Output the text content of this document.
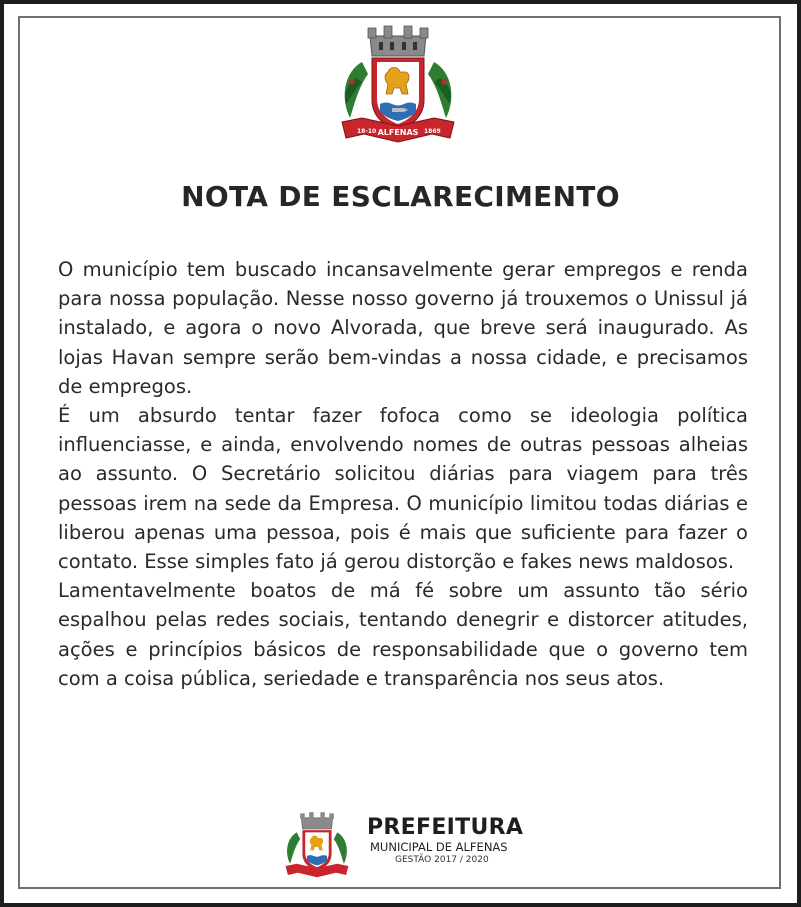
18-10 ALFENAS 1869
NOTA DE ESCLARECIMENTO

O município tem buscado incansavelmente gerar empregos e renda para nossa população. Nesse nosso governo já trouxemos o Unissul já instalado, e agora o novo Alvorada, que breve será inaugurado. As lojas Havan sempre serão bem-vindas a nossa cidade, e precisamos de empregos.

É um absurdo tentar fazer fofoca como se ideologia política influenciasse, e ainda, envolvendo nomes de outras pessoas alheias ao assunto. O Secretário solicitou diárias para viagem para três pessoas irem na sede da Empresa. O município limitou todas diárias e liberou apenas uma pessoa, pois é mais que suficiente para fazer o contato. Esse simples fato já gerou distorção e fakes news maldosos.

Lamentavelmente boatos de má fé sobre um assunto tão sério espalhou pelas redes sociais, tentando denegrir e distorcer atitudes, ações e princípios básicos de responsabilidade que o governo tem com a coisa pública, seriedade e transparência nos seus atos.

PREFEITURA
MUNICIPAL DE ALFENAS
GESTÃO 2017 / 2020
